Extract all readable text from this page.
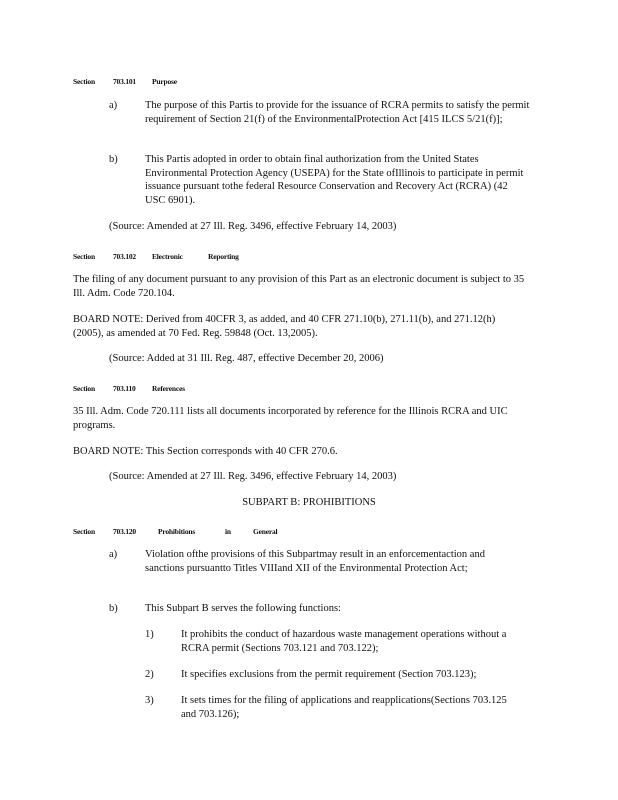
Section 703.101 Purpose
a)	The purpose of this Partis to provide for the issuance of RCRA permits to satisfy the permit requirement of Section 21(f) of the EnvironmentalProtection Act [415 ILCS 5/21(f)];
b)	This Partis adopted in order to obtain final authorization from the United States Environmental Protection Agency (USEPA) for the State ofIllinois to participate in permit issuance pursuant tothe federal Resource Conservation and Recovery Act (RCRA) (42 USC 6901).
(Source: Amended at 27 Ill. Reg. 3496, effective February 14, 2003)
Section 703.102 Electronic	Reporting
The filing of any document pursuant to any provision of this Part as an electronic document is subject to 35 Ill. Adm. Code 720.104.
BOARD NOTE: Derived from 40CFR 3, as added, and 40 CFR 271.10(b), 271.11(b), and 271.12(h) (2005), as amended at 70 Fed. Reg. 59848 (Oct. 13,2005).
(Source: Added at 31 Ill. Reg. 487, effective December 20, 2006)
Section 703.110 References
35 Ill. Adm. Code 720.111 lists all documents incorporated by reference for the Illinois RCRA and UIC programs.
BOARD NOTE: This Section corresponds with 40 CFR 270.6.
(Source: Amended at 27 Ill. Reg. 3496, effective February 14, 2003)
SUBPART B: PROHIBITIONS
Section 703.120	Prohibitions	in	General
a)	Violation ofthe provisions of this Subpartmay result in an enforcementaction and sanctions pursuantto Titles VIIIand XII of the Environmental Protection Act;
b)	This Subpart B serves the following functions:
1)	It prohibits the conduct of hazardous waste management operations without a RCRA permit (Sections 703.121 and 703.122);
2)	It specifies exclusions from the permit requirement (Section 703.123);
3)	It sets times for the filing of applications and reapplications(Sections 703.125 and 703.126);
